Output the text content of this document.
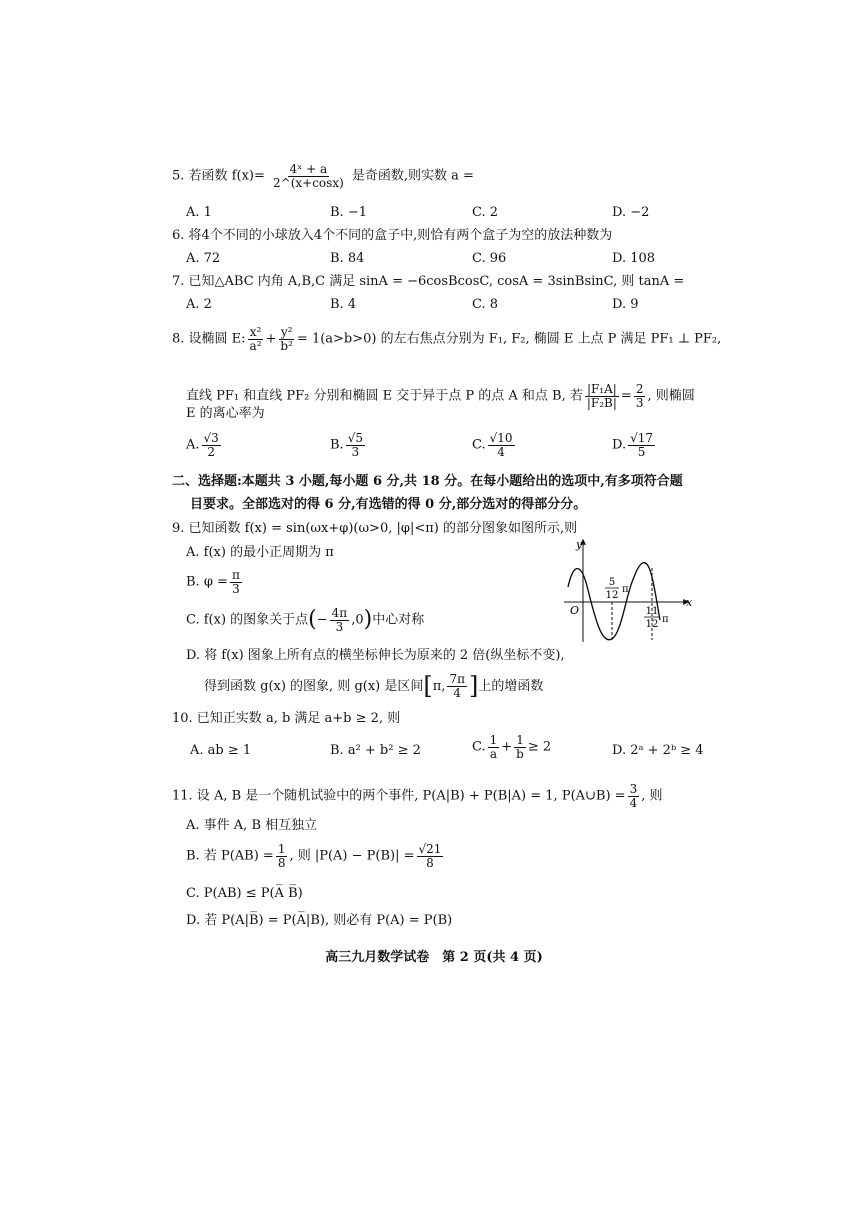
5. 若函数 $f(x)= \frac{\text{4ˣ + a}}{2\^{}(x+\cos x)}$ 是奇函数,则实数 a =
A. 1	B. −1	C. 2	D. −2
6. 将4个不同的小球放入4个不同的盒子中,则恰有两个盒子为空的放法种数为
A. 72	B. 84	C. 96	D. 108
7. 已知△ABC 内角 A,B,C 满足 sinA = −6cosBcosC, cosA = 3sinBsinC, 则 tanA =
A. 2	B. 4	C. 8	D. 9
8. 设椭圆 E: $\frac{\text{x²}}{\text{a²}} + \frac{\text{y²}}{\text{b²}} = 1(a>b>0)$ 的左右焦点分别为 F₁, F₂, 椭圆 E 上点 P 满足 PF₁ ⊥ PF₂,
直线 PF₁ 和直线 PF₂ 分别和椭圆 E 交于异于点 P 的点 A 和点 B, 若 $\frac{\text{|F₁A|}}{\text{|F₂B|}} = \frac{2}{3}$ , 则椭圆
E 的离心率为
A. $\frac{√3}{2}$	B. $\frac{√5}{3}$	C. $\frac{√10}{4}$	D. $\frac{√17}{5}$
二、选择题:本题共 3 小题,每小题 6 分,共 18 分。在每小题给出的选项中,有多项符合题
目要求。全部选对的得 6 分,有选错的得 0 分,部分选对的得部分分。
9. 已知函数 f(x) = sin(ωx+φ)(ω>0, |φ|<π) 的部分图象如图所示,则
A. f(x) 的最小正周期为 π
B. $\varphi = \frac{\pi}{3}$
C. f(x) 的图象关于点(− $\frac{4\pi}{3} ,0$)中心对称
D. 将 f(x) 图象上所有点的横坐标伸长为原来的 2 倍(纵坐标不变),
得到函数 g(x) 的图象, 则 g(x) 是区间[π, $\frac{7\pi}{4}$ ]上的增函数
y
x
O
5
12
π
11
12 π
10. 已知正实数 a, b 满足 a+b ≥ 2, 则
A. ab ≥ 1	B. a² + b² ≥ 2	C. $\frac{1}{a} + \frac{1}{b} \ge 2$	D. 2ᵃ + 2ᵇ ≥ 4
11. 设 A, B 是一个随机试验中的两个事件, P(A|B) + P(B|A) = 1, P(A∪B) = $\frac{3}{4}$ , 则
A. 事件 A, B 相互独立
B. 若 $P(AB) = \frac{1}{8}$ , 则 $|P(A) - P(B)| = \frac{√21}{8}$
C. P(AB) ≤ P(A̅ B̅)
D. 若 P(A|B̅) = P(A̅|B), 则必有 P(A) = P(B)
高三九月数学试卷　第 2 页(共 4 页)
